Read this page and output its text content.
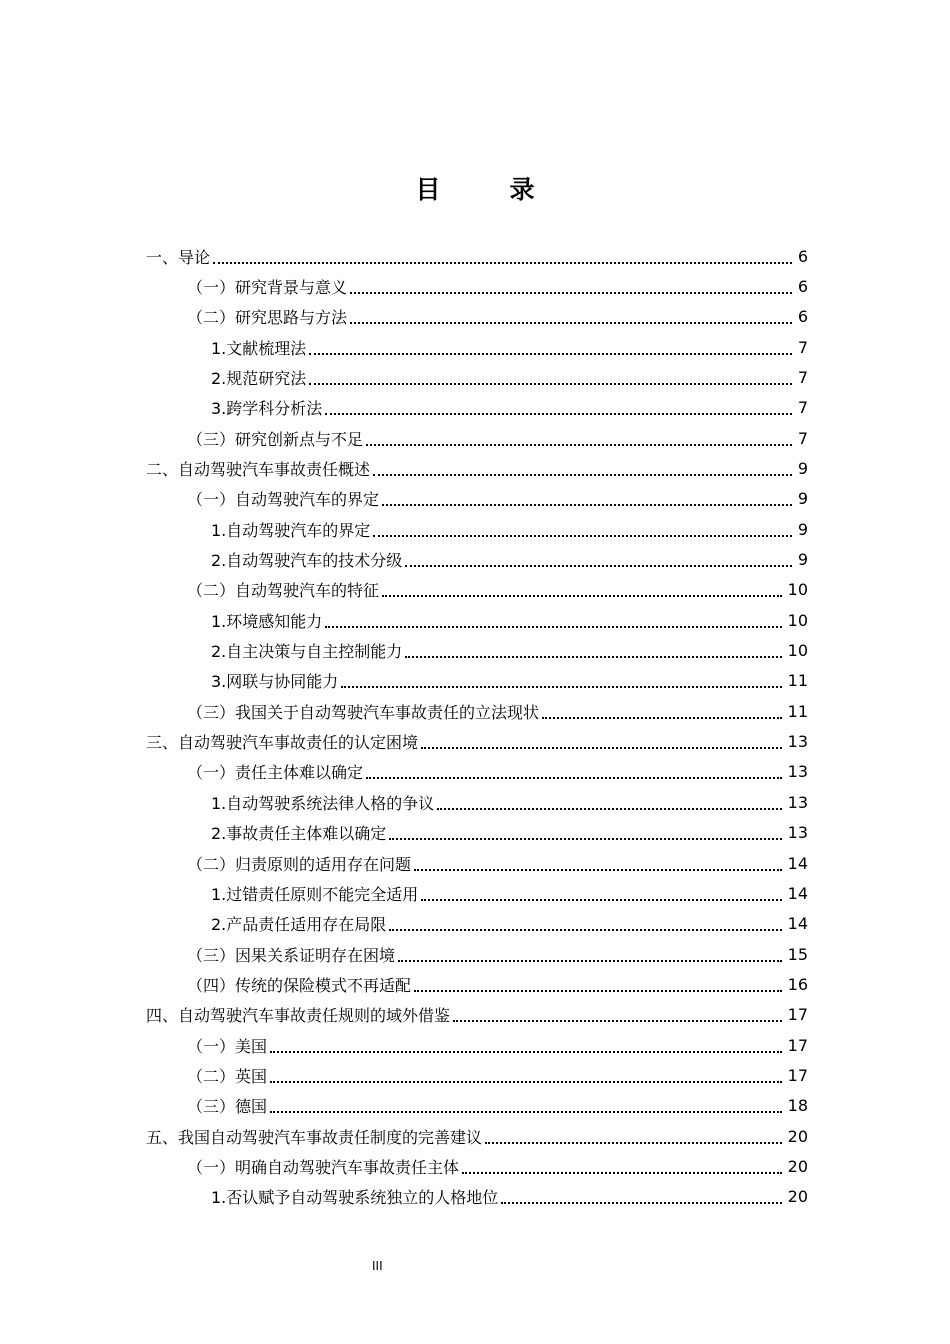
目　录
一、导论	6
（一）研究背景与意义	6
（二）研究思路与方法	6
1.文献梳理法	7
2.规范研究法	7
3.跨学科分析法	7
（三）研究创新点与不足	7
二、自动驾驶汽车事故责任概述	9
（一）自动驾驶汽车的界定	9
1.自动驾驶汽车的界定	9
2.自动驾驶汽车的技术分级	9
（二）自动驾驶汽车的特征	10
1.环境感知能力	10
2.自主决策与自主控制能力	10
3.网联与协同能力	11
（三）我国关于自动驾驶汽车事故责任的立法现状	11
三、自动驾驶汽车事故责任的认定困境	13
（一）责任主体难以确定	13
1.自动驾驶系统法律人格的争议	13
2.事故责任主体难以确定	13
（二）归责原则的适用存在问题	14
1.过错责任原则不能完全适用	14
2.产品责任适用存在局限	14
（三）因果关系证明存在困境	15
（四）传统的保险模式不再适配	16
四、自动驾驶汽车事故责任规则的域外借鉴	17
（一）美国	17
（二）英国	17
（三）德国	18
五、我国自动驾驶汽车事故责任制度的完善建议	20
（一）明确自动驾驶汽车事故责任主体	20
1.否认赋予自动驾驶系统独立的人格地位	20
III
